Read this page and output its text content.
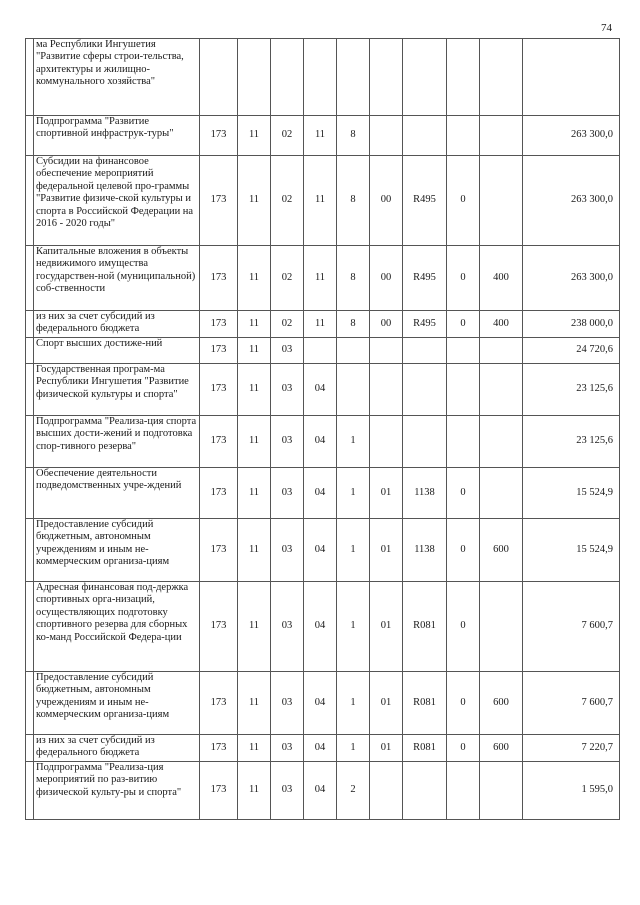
74
	ма Республики Ингушетия "Развитие сферы строи-тельства, архитектуры и жилищно-коммунального хозяйства"										
	Подпрограмма "Развитие спортивной инфраструк-туры"	173	11	02	11	8					263 300,0
	Субсидии на финансовое обеспечение мероприятий федеральной целевой про-граммы "Развитие физиче-ской культуры и спорта в Российской Федерации на 2016 - 2020 годы"	173	11	02	11	8	00	R495	0		263 300,0
	Капитальные вложения в объекты недвижимого имущества государствен-ной (муниципальной) соб-ственности	173	11	02	11	8	00	R495	0	400	263 300,0
	из них за счет субсидий из федерального бюджета	173	11	02	11	8	00	R495	0	400	238 000,0
	Спорт высших достиже-ний	173	11	03							24 720,6
	Государственная програм-ма Республики Ингушетия "Развитие физической культуры и спорта"	173	11	03	04						23 125,6
	Подпрограмма "Реализа-ция спорта высших дости-жений и подготовка спор-тивного резерва"	173	11	03	04	1					23 125,6
	Обеспечение деятельности подведомственных учре-ждений	173	11	03	04	1	01	1138	0		15 524,9
	Предоставление субсидий бюджетным, автономным учреждениям и иным не-коммерческим организа-циям	173	11	03	04	1	01	1138	0	600	15 524,9
	Адресная финансовая под-держка спортивных орга-низаций, осуществляющих подготовку спортивного резерва для сборных ко-манд Российской Федера-ции	173	11	03	04	1	01	R081	0		7 600,7
	Предоставление субсидий бюджетным, автономным учреждениям и иным не-коммерческим организа-циям	173	11	03	04	1	01	R081	0	600	7 600,7
	из них за счет субсидий из федерального бюджета	173	11	03	04	1	01	R081	0	600	7 220,7
	Подпрограмма "Реализа-ция мероприятий по раз-витию физической культу-ры и спорта"	173	11	03	04	2					1 595,0
